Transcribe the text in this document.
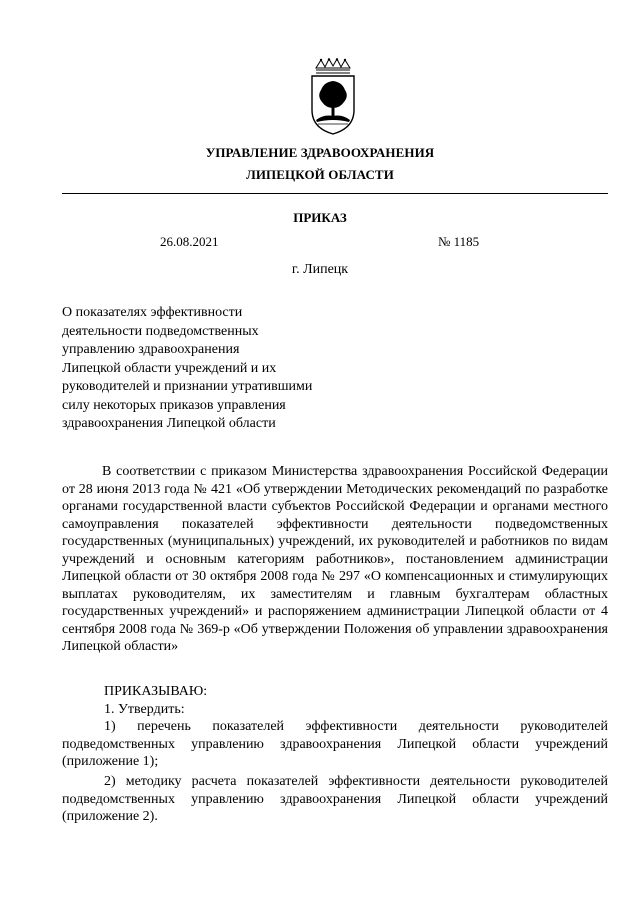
УПРАВЛЕНИЕ ЗДРАВООХРАНЕНИЯ
ЛИПЕЦКОЙ ОБЛАСТИ
ПРИКАЗ
26.08.2021	№ 1185
г. Липецк
О показателях эффективности
деятельности подведомственных
управлению здравоохранения
Липецкой области учреждений и их
руководителей и признании утратившими
силу некоторых приказов управления
здравоохранения Липецкой области
В соответствии с приказом Министерства здравоохранения Российской Федерации от 28 июня 2013 года № 421 «Об утверждении Методических рекомендаций по разработке органами государственной власти субъектов Российской Федерации и органами местного самоуправления показателей эффективности деятельности подведомственных государственных (муниципальных) учреждений, их руководителей и работников по видам учреждений и основным категориям работников», постановлением администрации Липецкой области от 30 октября 2008 года № 297 «О компенсационных и стимулирующих выплатах руководителям, их заместителям и главным бухгалтерам областных государственных учреждений» и распоряжением администрации Липецкой области от 4 сентября 2008 года № 369-р «Об утверждении Положения об управлении здравоохранения Липецкой области»
ПРИКАЗЫВАЮ:
1. Утвердить:
1) перечень показателей эффективности деятельности руководителей подведомственных управлению здравоохранения Липецкой области учреждений (приложение 1);
2) методику расчета показателей эффективности деятельности руководителей подведомственных управлению здравоохранения Липецкой области учреждений (приложение 2).
